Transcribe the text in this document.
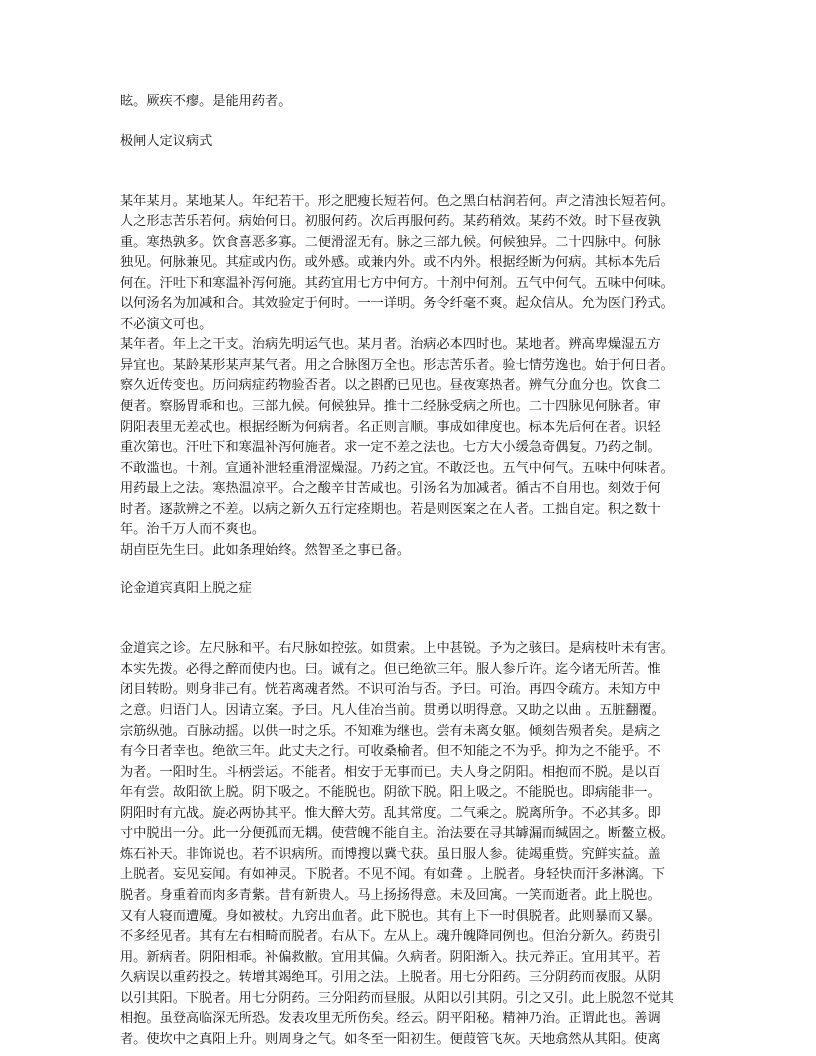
眩。厥疾不瘳。是能用药者。

极闸人定议病式

某年某月。某地某人。年纪若干。形之肥瘦长短若何。色之黑白枯润若何。声之清浊长短若何。

人之形志苦乐若何。病始何日。初服何药。次后再服何药。某药稍效。某药不效。时下昼夜孰

重。寒热孰多。饮食喜恶多寡。二便滑涩无有。脉之三部九候。何候独异。二十四脉中。何脉

独见。何脉兼见。其症或内伤。或外感。或兼内外。或不内外。根据经断为何病。其标本先后

何在。汗吐下和寒温补泻何施。其药宜用七方中何方。十剂中何剂。五气中何气。五味中何味。

以何汤名为加减和合。其效验定于何时。一一详明。务令纤毫不爽。起众信从。允为医门矜式。

不必演文可也。

某年者。年上之干支。治病先明运气也。某月者。治病必本四时也。某地者。辨高卑燥湿五方

异宜也。某龄某形某声某气者。用之合脉图万全也。形志苦乐者。验七情劳逸也。始于何日者。

察久近传变也。历问病症药物验否者。以之斟酌已见也。昼夜寒热者。辨气分血分也。饮食二

便者。察肠胃乖和也。三部九候。何候独异。推十二经脉受病之所也。二十四脉见何脉者。审

阴阳表里无差忒也。根据经断为何病者。名正则言顺。事成如律度也。标本先后何在者。识轻

重次第也。汗吐下和寒温补泻何施者。求一定不差之法也。七方大小缓急奇偶复。乃药之制。

不敢滥也。十剂。宣通补泄轻重滑涩燥湿。乃药之宜。不敢泛也。五气中何气。五味中何味者。

用药最上之法。寒热温凉平。合之酸辛甘苦咸也。引汤名为加减者。循古不自用也。刻效于何

时者。逐款辨之不差。以病之新久五行定痊期也。若是则医案之在人者。工拙自定。积之数十

年。治千万人而不爽也。

胡卣臣先生曰。此如条理始终。然智圣之事已备。

论金道宾真阳上脱之症

金道宾之诊。左尺脉和平。右尺脉如控弦。如贯索。上中甚锐。予为之骇曰。是病枝叶未有害。

本实先拨。必得之醉而使内也。曰。诚有之。但已绝欲三年。服人参斤许。迄今诸无所苦。惟

闭目转盼。则身非己有。恍若离魂者然。不识可治与否。予曰。可治。再四令疏方。未知方中

之意。归语门人。因请立案。予曰。凡人佳冶当前。贯勇以明得意。又助之以曲 。五脏翻覆。

宗筋纵弛。百脉动摇。以供一时之乐。不知难为继也。尝有未离女躯。倾刻告殒者矣。是病之

有今日者幸也。绝欲三年。此丈夫之行。可收桑榆者。但不知能之不为乎。抑为之不能乎。不

为者。一阳时生。斗柄尝运。不能者。相安于无事而已。夫人身之阴阳。相抱而不脱。是以百

年有尝。故阳欲上脱。阴下吸之。不能脱也。阴欲下脱。阳上吸之。不能脱也。即病能非一。

阴阳时有亢战。旋必两协其平。惟大醉大劳。乱其常度。二气乘之。脱离所争。不必其多。即

寸中脱出一分。此一分便孤而无耦。使营魄不能自主。治法要在寻其罅漏而缄固之。断鳌立极。

炼石补天。非饰说也。若不识病所。而博搜以冀弋获。虽日服人参。徒竭重赀。究鲜实益。盖

上脱者。妄见妄闻。有如神灵。下脱者。不见不闻。有如聋 。上脱者。身轻快而汗多淋漓。下

脱者。身重着而肉多青紫。昔有新贵人。马上扬扬得意。未及回寓。一笑而逝者。此上脱也。

又有人寝而遭魇。身如被杖。九窍出血者。此下脱也。其有上下一时俱脱者。此则暴而又暴。

不多经见者。其有左右相畸而脱者。右从下。左从上。魂升魄降同例也。但治分新久。药贵引

用。新病者。阴阳相乖。补偏救敝。宜用其偏。久病者。阴阳渐入。扶元养正。宜用其平。若

久病误以重药投之。转增其竭绝耳。引用之法。上脱者。用七分阳药。三分阴药而夜服。从阴

以引其阳。下脱者。用七分阴药。三分阳药而昼服。从阳以引其阴。引之又引。此上脱忽不觉其

相抱。虽登高临深无所恐。发表攻里无所伤矣。经云。阴平阳秘。精神乃治。正谓此也。善调

者。使坎中之真阳上升。则周身之气。如冬至一阳初生。便葭管飞灰。天地翕然从其阳。使离
